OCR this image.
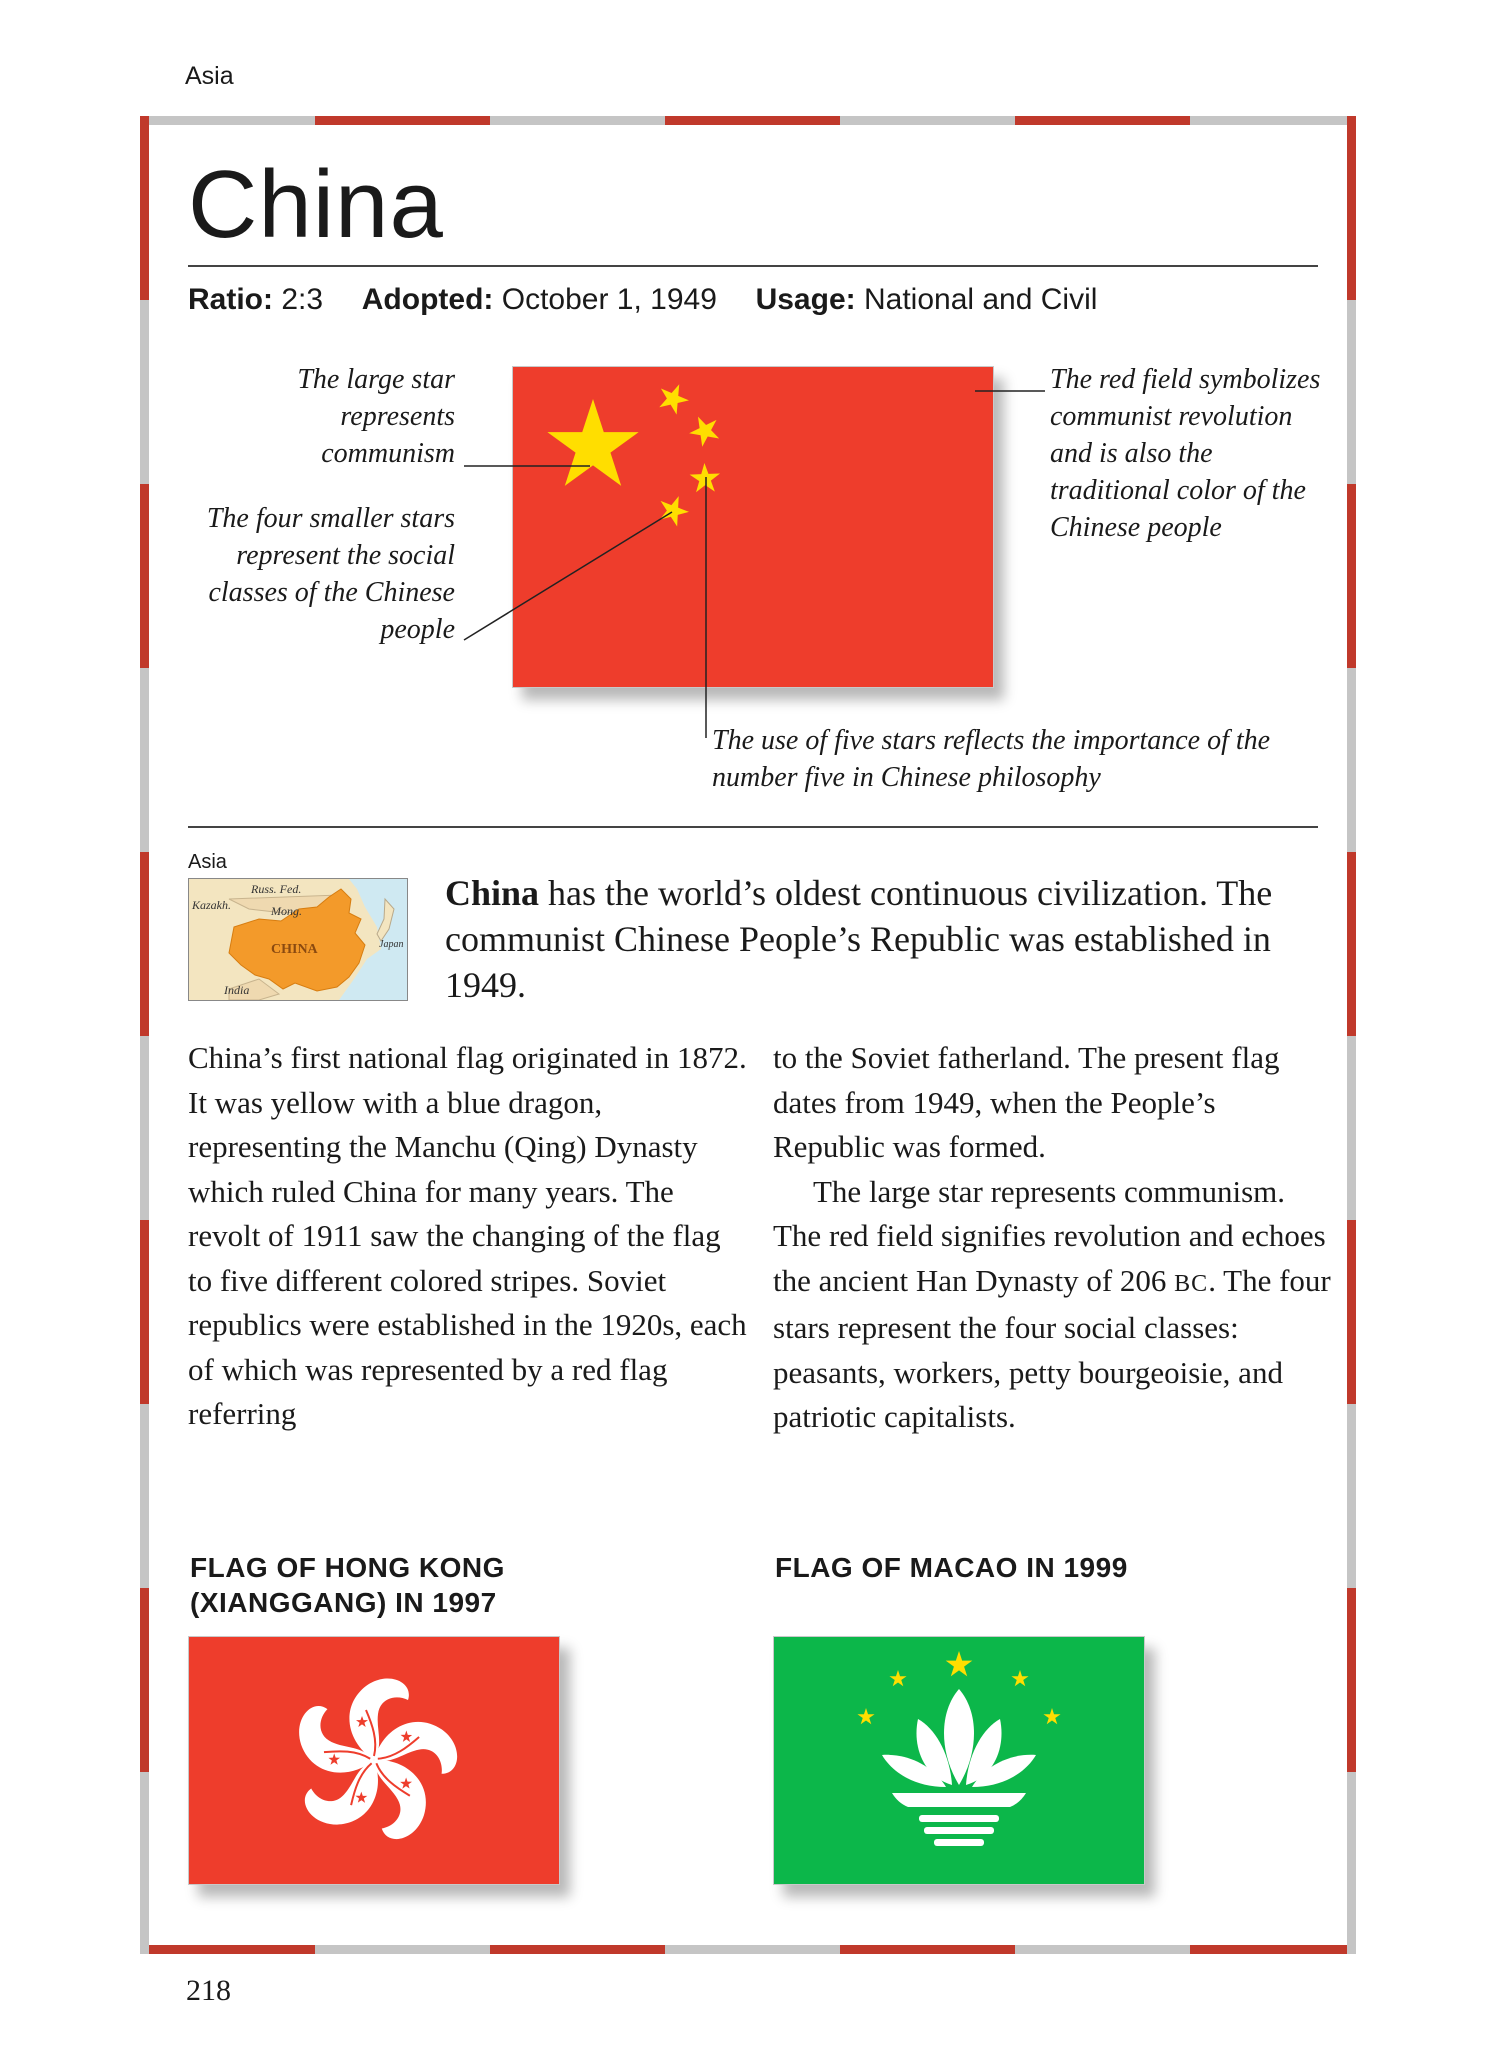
Asia
China
Ratio: 2:3 Adopted: October 1, 1949 Usage: National and Civil
The large star represents communism
The four smaller stars represent the social classes of the Chinese people
The red field symbolizes communist revolution and is also the traditional color of the Chinese people
The use of five stars reflects the importance of the number five in Chinese philosophy
Asia
Russ. Fed.
Kazakh.	Mong.
CHINA	Japan
India
China has the world’s oldest continuous civilization. The communist Chinese People’s Republic was established in 1949.

China’s first national flag originated in 1872. It was yellow with a blue dragon, representing the Manchu (Qing) Dynasty which ruled China for many years. The revolt of 1911 saw the changing of the flag to five different colored stripes. Soviet republics were established in the 1920s, each of which was represented by a red flag referring

to the Soviet fatherland. The present flag dates from 1949, when the People’s Republic was formed.

The large star represents communism. The red field signifies revolution and echoes the ancient Han Dynasty of 206 BC. The four stars represent the four social classes: peasants, workers, petty bourgeoisie, and patriotic capitalists.

FLAG OF HONG KONG (XIANGGANG) IN 1997
FLAG OF MACAO IN 1999
218
